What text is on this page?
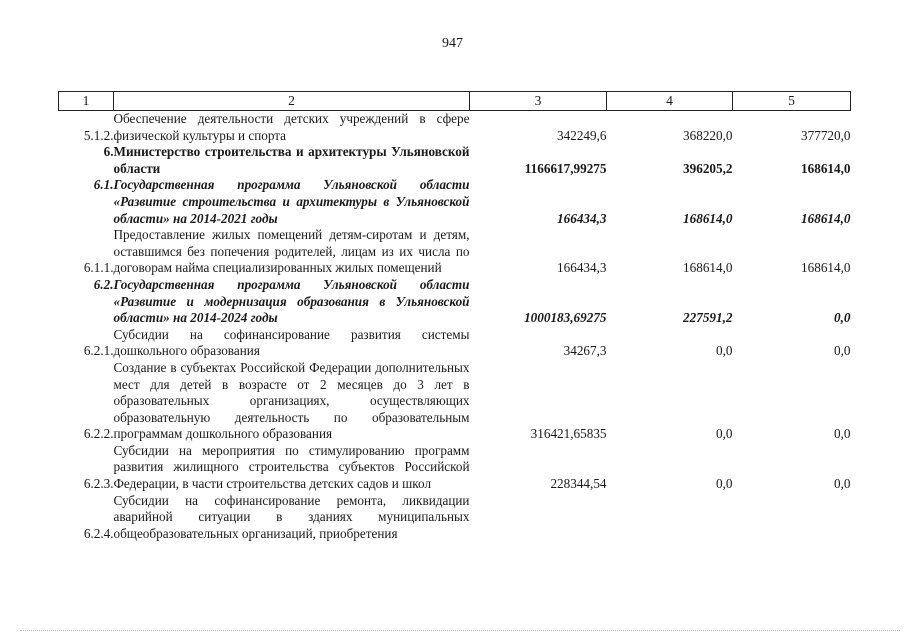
947
1	2	3	4	5
5.1.2.	Обеспечение деятельности детских учреждений в сфере физической культуры и спорта	342249,6	368220,0	377720,0
6.	Министерство строительства и архитектуры Ульяновской области	1166617,99275	396205,2	168614,0
6.1.	Государственная программа Ульяновской области «Развитие строительства и архитектуры в Ульяновской области» на 2014-2021 годы	166434,3	168614,0	168614,0
6.1.1.	Предоставление жилых помещений детям-сиротам и детям, оставшимся без попечения родителей, лицам из их числа по договорам найма специализированных жилых помещений	166434,3	168614,0	168614,0
6.2.	Государственная программа Ульяновской области «Развитие и модернизация образования в Ульяновской области» на 2014-2024 годы	1000183,69275	227591,2	0,0
6.2.1.	Субсидии на софинансирование развития системы дошкольного образования	34267,3	0,0	0,0
6.2.2.	Создание в субъектах Российской Федерации дополнительных мест для детей в возрасте от 2 месяцев до 3 лет в образовательных организациях, осуществляющих образовательную деятельность по образовательным программам дошкольного образования	316421,65835	0,0	0,0
6.2.3.	Субсидии на мероприятия по стимулированию программ развития жилищного строительства субъектов Российской Федерации, в части строительства детских садов и школ	228344,54	0,0	0,0
6.2.4.	Субсидии на софинансирование ремонта, ликвидации аварийной ситуации в зданиях муниципальных общеобразовательных организаций, приобретения			
